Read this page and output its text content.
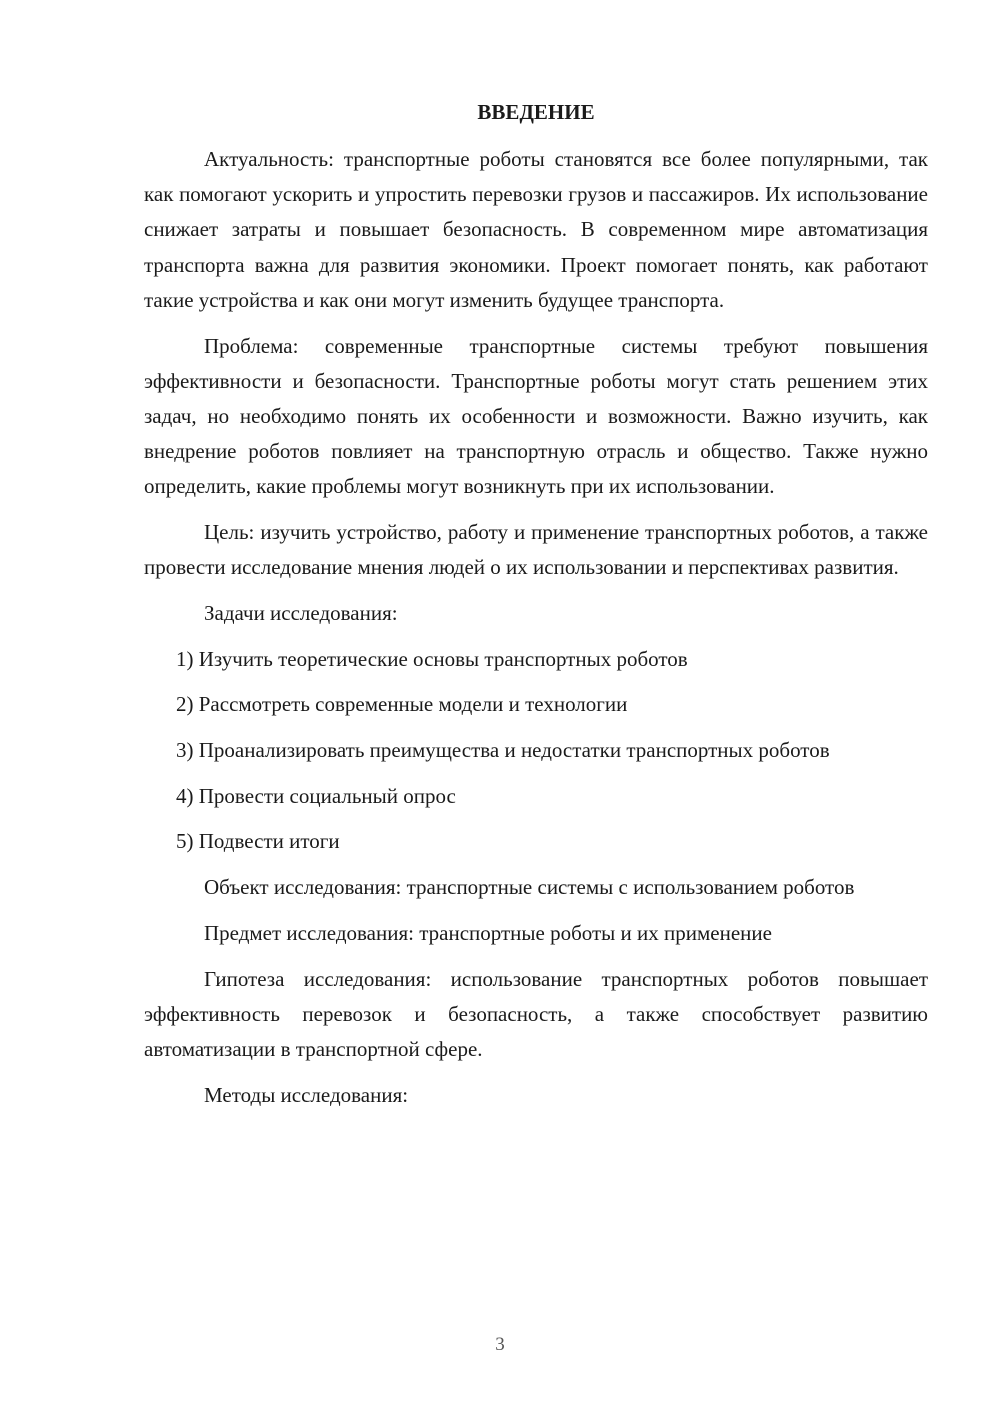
ВВЕДЕНИЕ

Актуальность: транспортные роботы становятся все более популярными, так как помогают ускорить и упростить перевозки грузов и пассажиров. Их использование снижает затраты и повышает безопасность. В современном мире автоматизация транспорта важна для развития экономики. Проект помогает понять, как работают такие устройства и как они могут изменить будущее транспорта.

Проблема: современные транспортные системы требуют повышения эффективности и безопасности. Транспортные роботы могут стать решением этих задач, но необходимо понять их особенности и возможности. Важно изучить, как внедрение роботов повлияет на транспортную отрасль и общество. Также нужно определить, какие проблемы могут возникнуть при их использовании.

Цель: изучить устройство, работу и применение транспортных роботов, а также провести исследование мнения людей о их использовании и перспективах развития.

Задачи исследования:

1) Изучить теоретические основы транспортных роботов

2) Рассмотреть современные модели и технологии

3) Проанализировать преимущества и недостатки транспортных роботов

4) Провести социальный опрос

5) Подвести итоги

Объект исследования: транспортные системы с использованием роботов

Предмет исследования: транспортные роботы и их применение

Гипотеза исследования: использование транспортных роботов повышает эффективность перевозок и безопасность, а также способствует развитию автоматизации в транспортной сфере.

Методы исследования:

3
